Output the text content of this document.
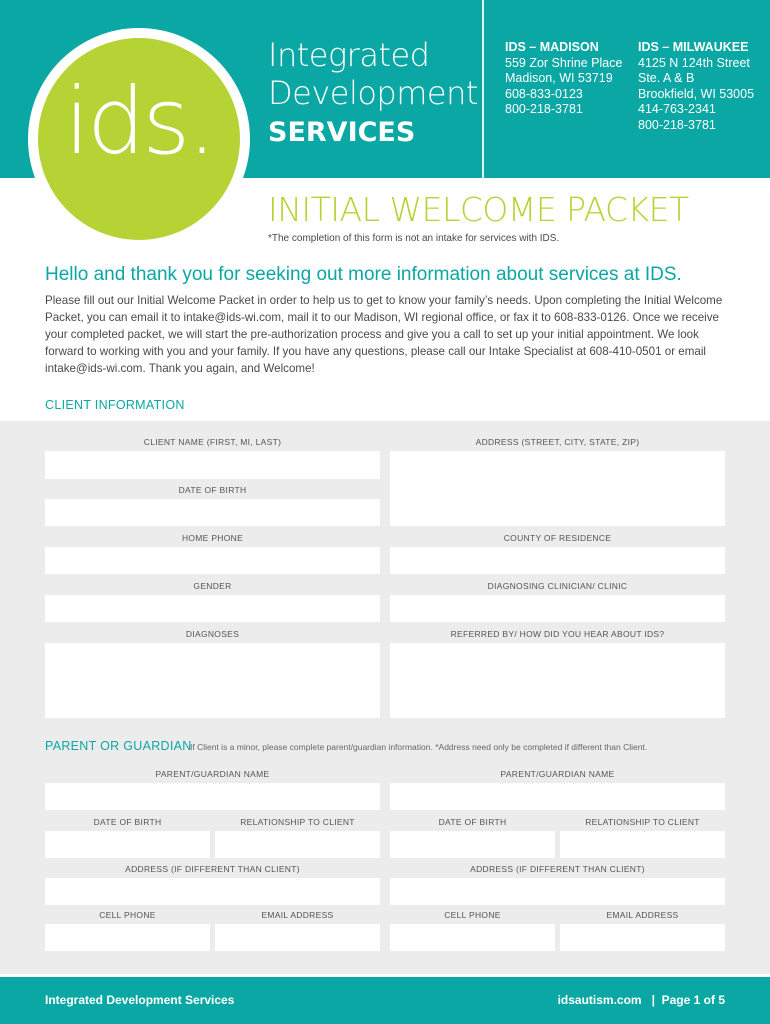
ids.
Integrated
Development
SERVICES
IDS – MADISON
559 Zor Shrine Place
Madison, WI 53719
608-833-0123
800-218-3781
IDS – MILWAUKEE
4125 N 124th Street
Ste. A & B
Brookfield, WI 53005
414-763-2341
800-218-3781
INITIAL WELCOME PACKET
*The completion of this form is not an intake for services with IDS.
Hello and thank you for seeking out more information about services at IDS.
Please fill out our Initial Welcome Packet in order to help us to get to know your family’s needs. Upon completing the Initial Welcome Packet, you can email it to intake@ids-wi.com, mail it to our Madison, WI regional office, or fax it to 608-833-0126. Once we receive your completed packet, we will start the pre-authorization process and give you a call to set up your initial appointment. We look forward to working with you and your family. If you have any questions, please call our Intake Specialist at 608-410-0501 or email intake@ids-wi.com. Thank you again, and Welcome!
CLIENT INFORMATION
CLIENT NAME (FIRST, MI, LAST)	ADDRESS (STREET, CITY, STATE, ZIP)
DATE OF BIRTH
HOME PHONE	COUNTY OF RESIDENCE
GENDER	DIAGNOSING CLINICIAN/ CLINIC
DIAGNOSES	REFERRED BY/ HOW DID YOU HEAR ABOUT IDS?
PARENT OR GUARDIAN
If Client is a minor, please complete parent/guardian information. *Address need only be completed if different than Client.
PARENT/GUARDIAN NAME	PARENT/GUARDIAN NAME
DATE OF BIRTH	RELATIONSHIP TO CLIENT	DATE OF BIRTH	RELATIONSHIP TO CLIENT
ADDRESS (IF DIFFERENT THAN CLIENT)	ADDRESS (IF DIFFERENT THAN CLIENT)
CELL PHONE	EMAIL ADDRESS	CELL PHONE	EMAIL ADDRESS
Integrated Development Services	idsautism.com   |  Page 1 of 5
